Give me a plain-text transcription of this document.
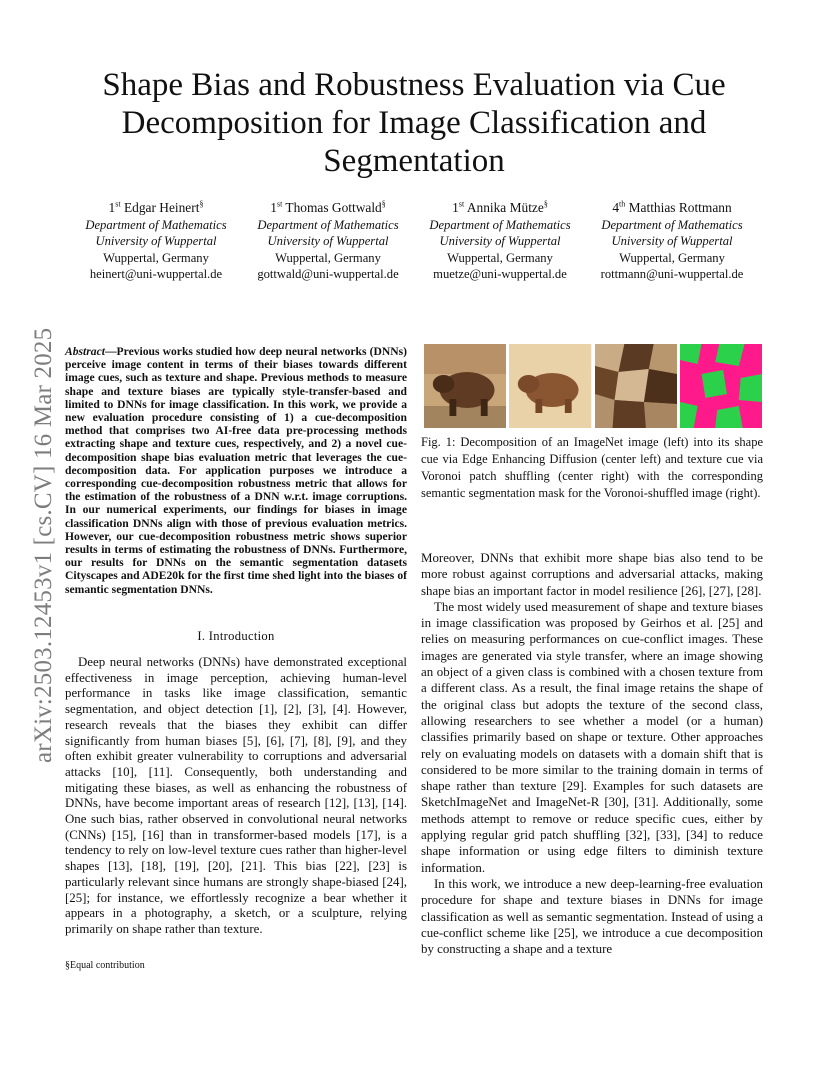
arXiv:2503.12453v1 [cs.CV] 16 Mar 2025
Shape Bias and Robustness Evaluation via Cue Decomposition for Image Classification and Segmentation
1st Edgar Heinert§
Department of Mathematics
University of Wuppertal
Wuppertal, Germany
heinert@uni-wuppertal.de
1st Thomas Gottwald§
Department of Mathematics
University of Wuppertal
Wuppertal, Germany
gottwald@uni-wuppertal.de
1st Annika Mütze§
Department of Mathematics
University of Wuppertal
Wuppertal, Germany
muetze@uni-wuppertal.de
4th Matthias Rottmann
Department of Mathematics
University of Wuppertal
Wuppertal, Germany
rottmann@uni-wuppertal.de
Abstract—Previous works studied how deep neural networks (DNNs) perceive image content in terms of their biases towards different image cues, such as texture and shape. Previous methods to measure shape and texture biases are typically style-transfer-based and limited to DNNs for image classification. In this work, we provide a new evaluation procedure consisting of 1) a cue-decomposition method that comprises two AI-free data pre-processing methods extracting shape and texture cues, respectively, and 2) a novel cue-decomposition shape bias evaluation metric that leverages the cue-decomposition data. For application purposes we introduce a corresponding cue-decomposition robustness metric that allows for the estimation of the robustness of a DNN w.r.t. image corruptions. In our numerical experiments, our findings for biases in image classification DNNs align with those of previous evaluation metrics. However, our cue-decomposition robustness metric shows superior results in terms of estimating the robustness of DNNs. Furthermore, our results for DNNs on the semantic segmentation datasets Cityscapes and ADE20k for the first time shed light into the biases of semantic segmentation DNNs.
I. Introduction

Deep neural networks (DNNs) have demonstrated exceptional effectiveness in image perception, achieving human-level performance in tasks like image classification, semantic segmentation, and object detection [1], [2], [3], [4]. However, research reveals that the biases they exhibit can differ significantly from human biases [5], [6], [7], [8], [9], and they often exhibit greater vulnerability to corruptions and adversarial attacks [10], [11]. Consequently, both understanding and mitigating these biases, as well as enhancing the robustness of DNNs, have become important areas of research [12], [13], [14]. One such bias, rather observed in convolutional neural networks (CNNs) [15], [16] than in transformer-based models [17], is a tendency to rely on low-level texture cues rather than higher-level shapes [13], [18], [19], [20], [21]. This bias [22], [23] is particularly relevant since humans are strongly shape-biased [24], [25]; for instance, we effortlessly recognize a bear whether it appears in a photography, a sketch, or a sculpture, relying primarily on shape rather than texture.

§Equal contribution
Fig. 1: Decomposition of an ImageNet image (left) into its shape cue via Edge Enhancing Diffusion (center left) and texture cue via Voronoi patch shuffling (center right) with the corresponding semantic segmentation mask for the Voronoi-shuffled image (right).

Moreover, DNNs that exhibit more shape bias also tend to be more robust against corruptions and adversarial attacks, making shape bias an important factor in model resilience [26], [27], [28].

The most widely used measurement of shape and texture biases in image classification was proposed by Geirhos et al. [25] and relies on measuring performances on cue-conflict images. These images are generated via style transfer, where an image showing an object of a given class is combined with a chosen texture from a different class. As a result, the final image retains the shape of the original class but adopts the texture of the second class, allowing researchers to see whether a model (or a human) classifies primarily based on shape or texture. Other approaches rely on evaluating models on datasets with a domain shift that is considered to be more similar to the training domain in terms of shape rather than texture [29]. Examples for such datasets are SketchImageNet and ImageNet-R [30], [31]. Additionally, some methods attempt to remove or reduce specific cues, either by applying regular grid patch shuffling [32], [33], [34] to reduce shape information or using edge filters to diminish texture information.

In this work, we introduce a new deep-learning-free evaluation procedure for shape and texture biases in DNNs for image classification as well as semantic segmentation. Instead of using a cue-conflict scheme like [25], we introduce a cue decomposition by constructing a shape and a texture
